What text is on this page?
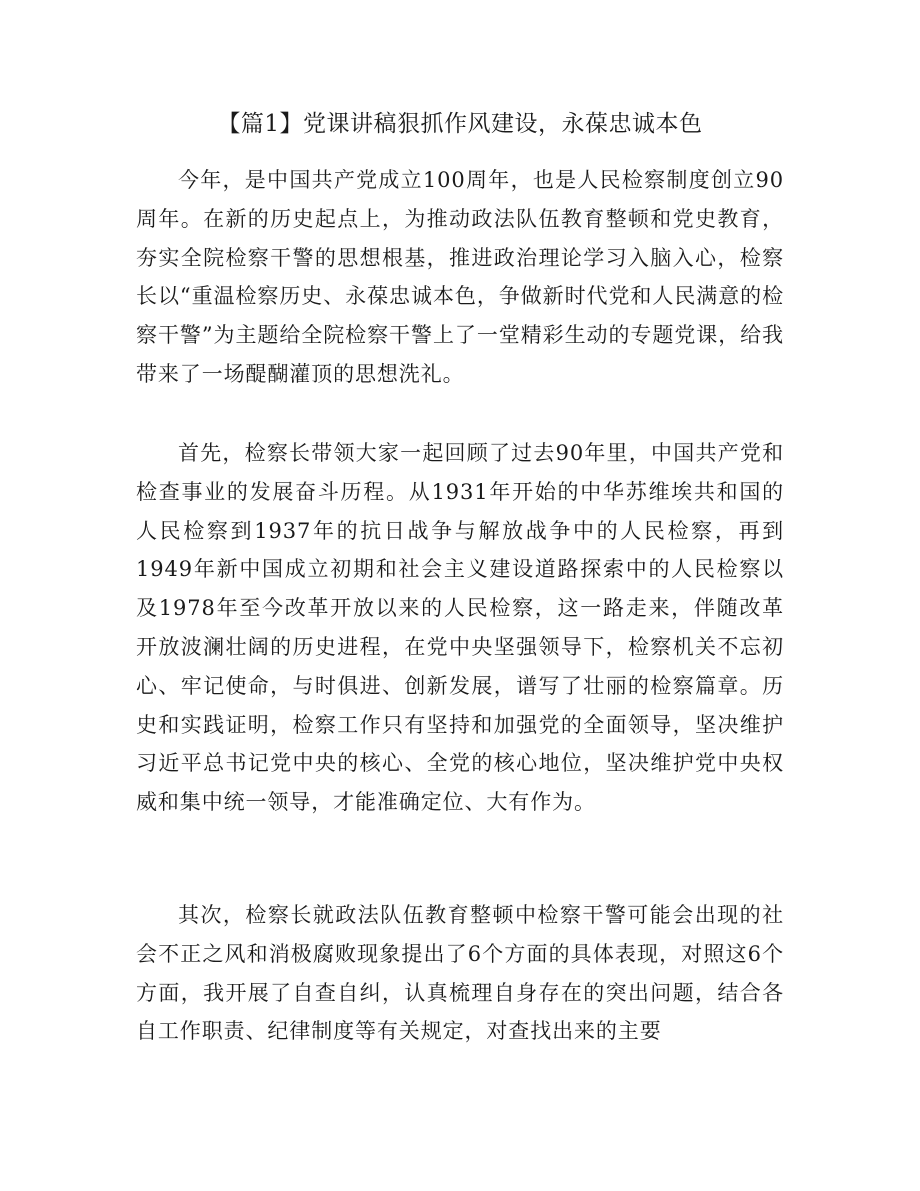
【篇1】党课讲稿狠抓作风建设，永葆忠诚本色
今年，是中国共产党成立100周年，也是人民检察制度创立90周年。在新的历史起点上，为推动政法队伍教育整顿和党史教育，夯实全院检察干警的思想根基，推进政治理论学习入脑入心，检察长以“重温检察历史、永葆忠诚本色，争做新时代党和人民满意的检察干警”为主题给全院检察干警上了一堂精彩生动的专题党课，给我带来了一场醍醐灌顶的思想洗礼。
首先，检察长带领大家一起回顾了过去90年里，中国共产党和检查事业的发展奋斗历程。从1931年开始的中华苏维埃共和国的人民检察到1937年的抗日战争与解放战争中的人民检察，再到1949年新中国成立初期和社会主义建设道路探索中的人民检察以及1978年至今改革开放以来的人民检察，这一路走来，伴随改革开放波澜壮阔的历史进程，在党中央坚强领导下，检察机关不忘初心、牢记使命，与时俱进、创新发展，谱写了壮丽的检察篇章。历史和实践证明，检察工作只有坚持和加强党的全面领导，坚决维护习近平总书记党中央的核心、全党的核心地位，坚决维护党中央权威和集中统一领导，才能准确定位、大有作为。
其次，检察长就政法队伍教育整顿中检察干警可能会出现的社会不正之风和消极腐败现象提出了6个方面的具体表现，对照这6个方面，我开展了自查自纠，认真梳理自身存在的突出问题，结合各自工作职责、纪律制度等有关规定，对查找出来的主要
